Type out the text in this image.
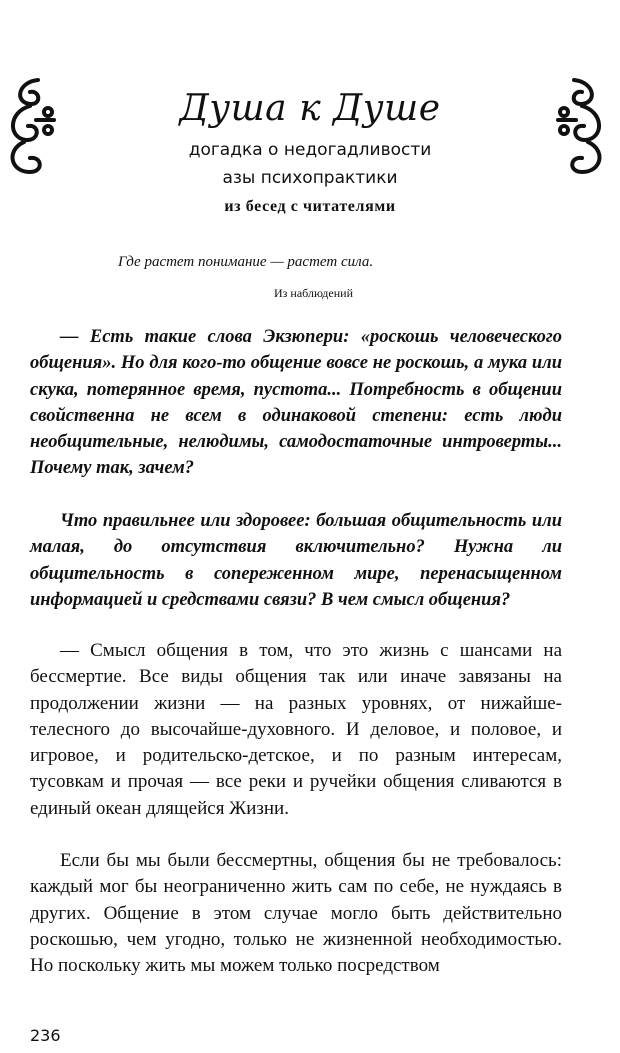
Душа к Душе
догадка о недогадливости
азы психопрактики
из бесед с читателями
Где растет понимание — растет сила.
Из наблюдений

— Есть такие слова Экзюпери: «роскошь человеческого общения». Но для кого-то общение вовсе не роскошь, а мука или скука, потерянное время, пустота... Потребность в общении свойственна не всем в одинаковой степени: есть люди необщительные, нелюдимы, самодостаточные интроверты... Почему так, зачем?

Что правильнее или здоровее: большая общительность или малая, до отсутствия включительно? Нужна ли общительность в сопереженном мире, перенасыщенном информацией и средствами связи? В чем смысл общения?

— Смысл общения в том, что это жизнь с шансами на бессмертие. Все виды общения так или иначе завязаны на продолжении жизни — на разных уровнях, от нижайше-телесного до высочайше-духовного. И деловое, и половое, и игровое, и родительско-детское, и по разным интересам, тусовкам и прочая — все реки и ручейки общения сливаются в единый океан длящейся Жизни.

Если бы мы были бессмертны, общения бы не требовалось: каждый мог бы неограниченно жить сам по себе, не нуждаясь в других. Общение в этом случае могло быть действительно роскошью, чем угодно, только не жизненной необходимостью. Но поскольку жить мы можем только посредством

236
